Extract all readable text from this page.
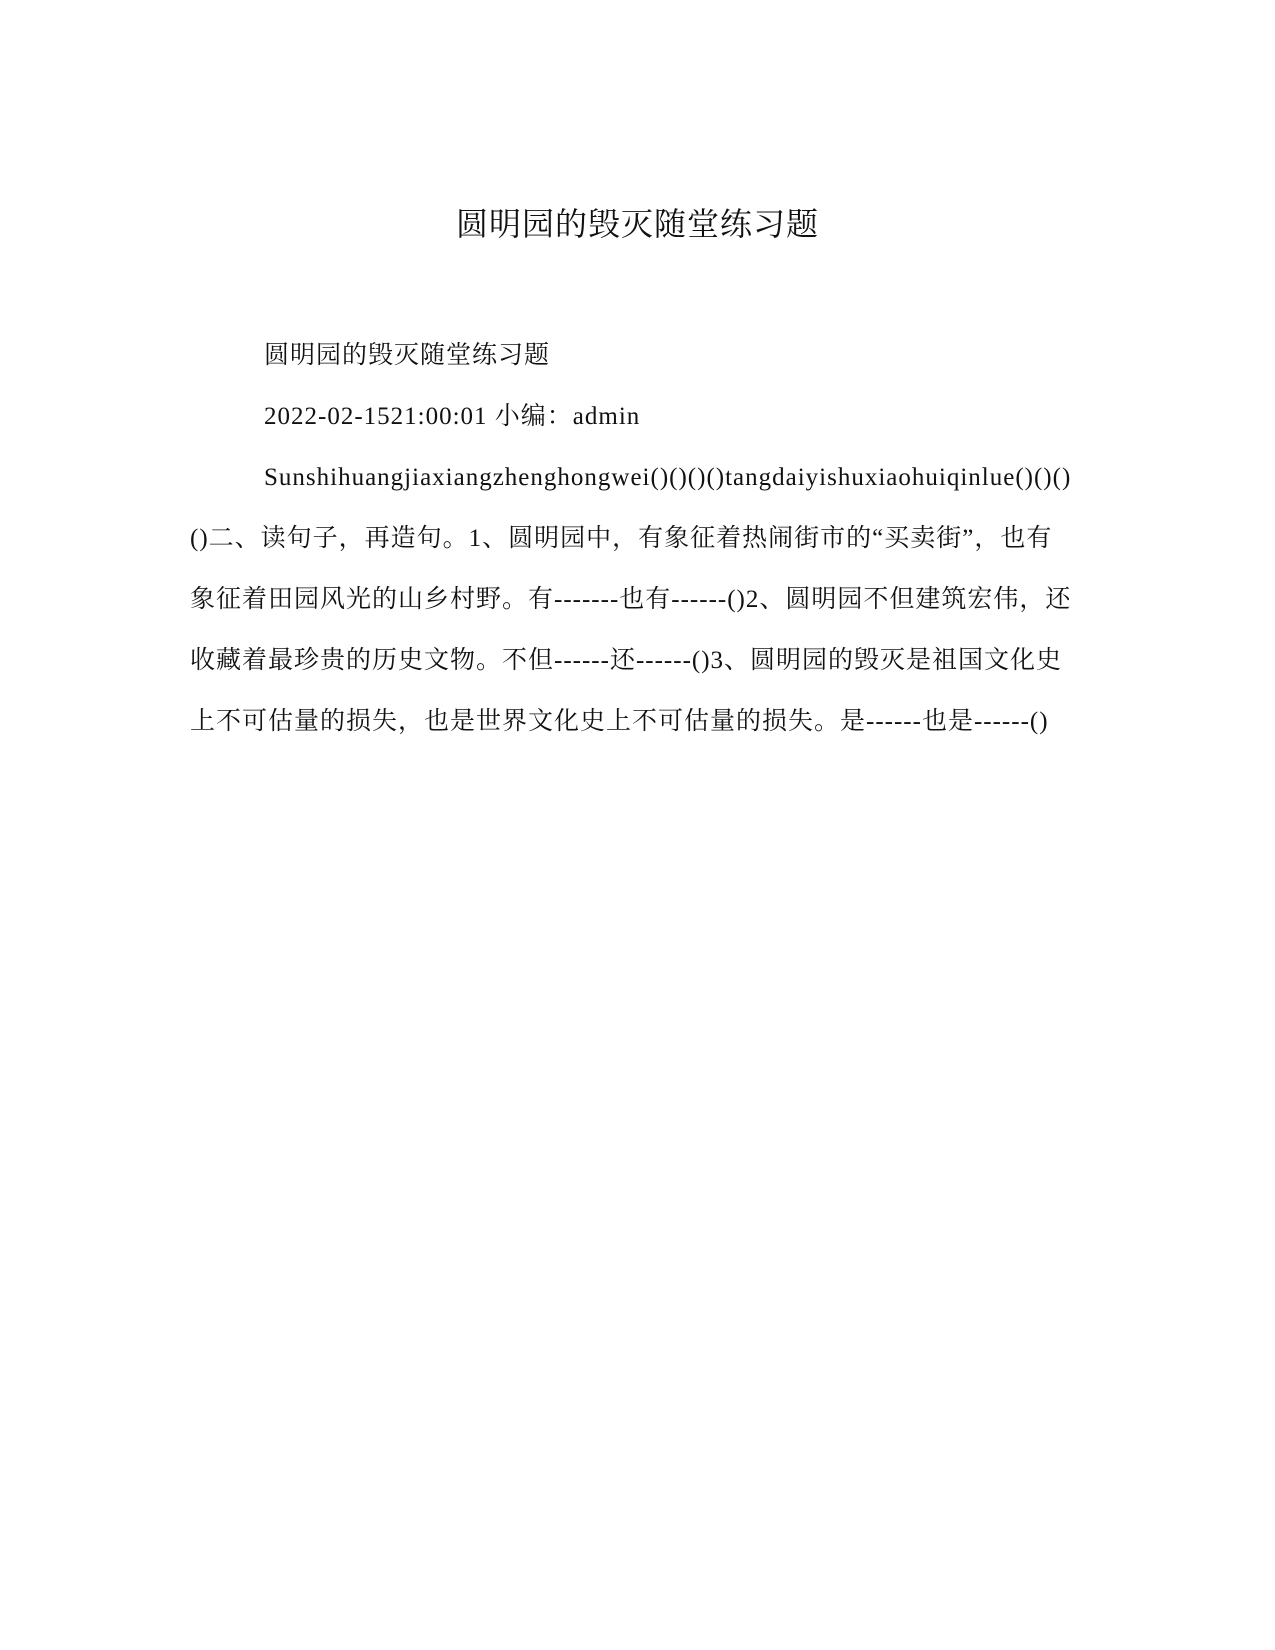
圆明园的毁灭随堂练习题

圆明园的毁灭随堂练习题

2022-02-1521:00:01 小编：admin

Sunshihuangjiaxiangzhenghongwei()()()()tangdaiyishuxiaohuiqinlue()()()()二、读句子，再造句。1、圆明园中，有象征着热闹街市的“买卖街”，也有象征着田园风光的山乡村野。有-------也有------()2、圆明园不但建筑宏伟，还收藏着最珍贵的历史文物。不但------还------()3、圆明园的毁灭是祖国文化史上不可估量的损失，也是世界文化史上不可估量的损失。是------也是------()
